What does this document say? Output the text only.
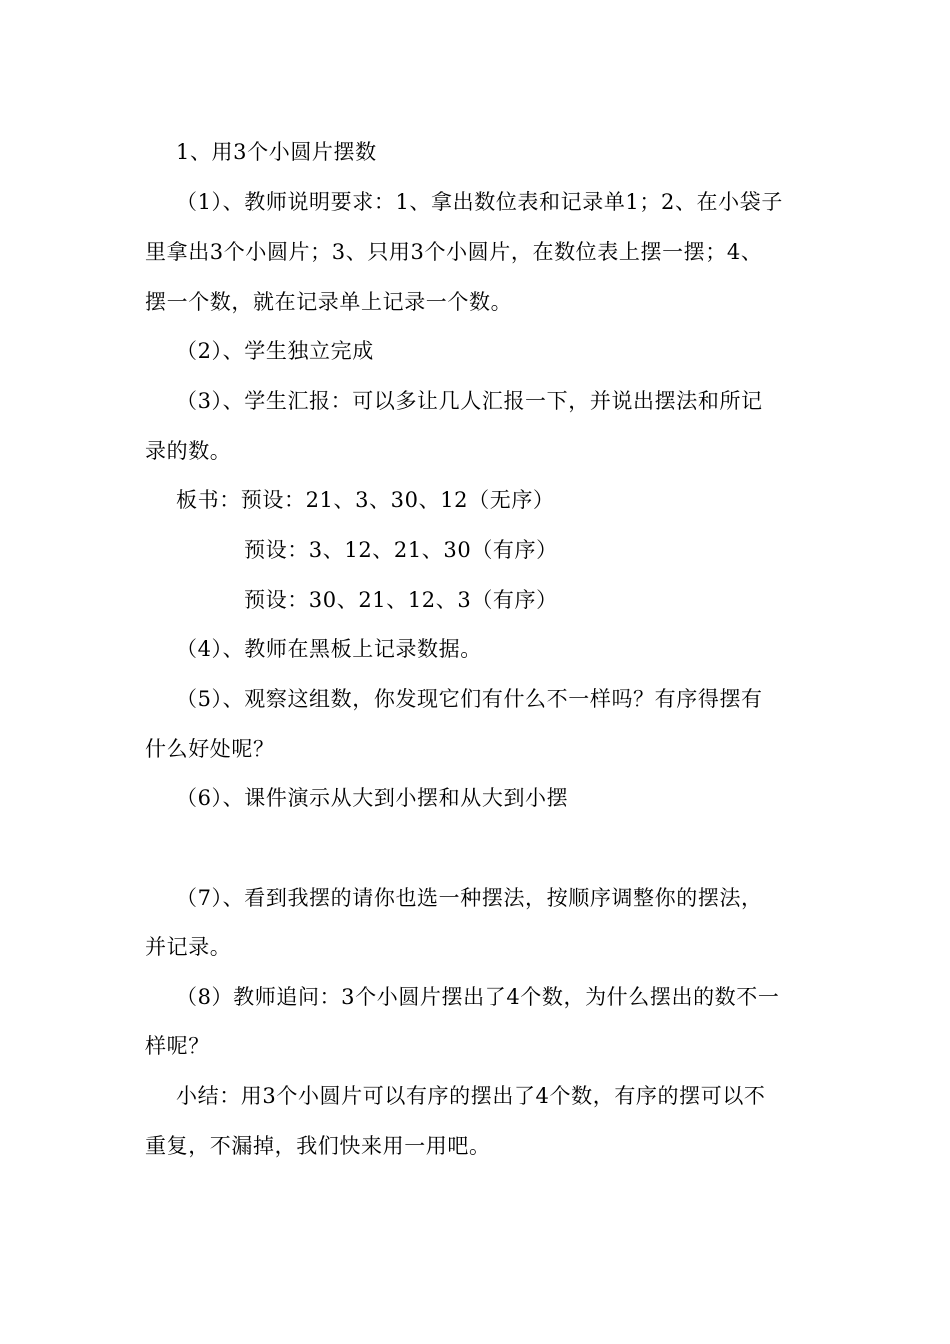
1、用3个小圆片摆数
（1）、教师说明要求：1、拿出数位表和记录单1；2、在小袋子
里拿出3个小圆片；3、只用3个小圆片，在数位表上摆一摆；4、
摆一个数，就在记录单上记录一个数。
（2）、学生独立完成
（3）、学生汇报：可以多让几人汇报一下，并说出摆法和所记
录的数。
板书：预设：21、3、30、12（无序）
预设：3、12、21、30（有序）
预设：30、21、12、3（有序）
（4）、教师在黑板上记录数据。
（5）、观察这组数，你发现它们有什么不一样吗？有序得摆有
什么好处呢？
（6）、课件演示从大到小摆和从大到小摆
（7）、看到我摆的请你也选一种摆法，按顺序调整你的摆法，
并记录。
（8）教师追问：3个小圆片摆出了4个数，为什么摆出的数不一
样呢？
小结：用3个小圆片可以有序的摆出了4个数，有序的摆可以不
重复，不漏掉，我们快来用一用吧。
